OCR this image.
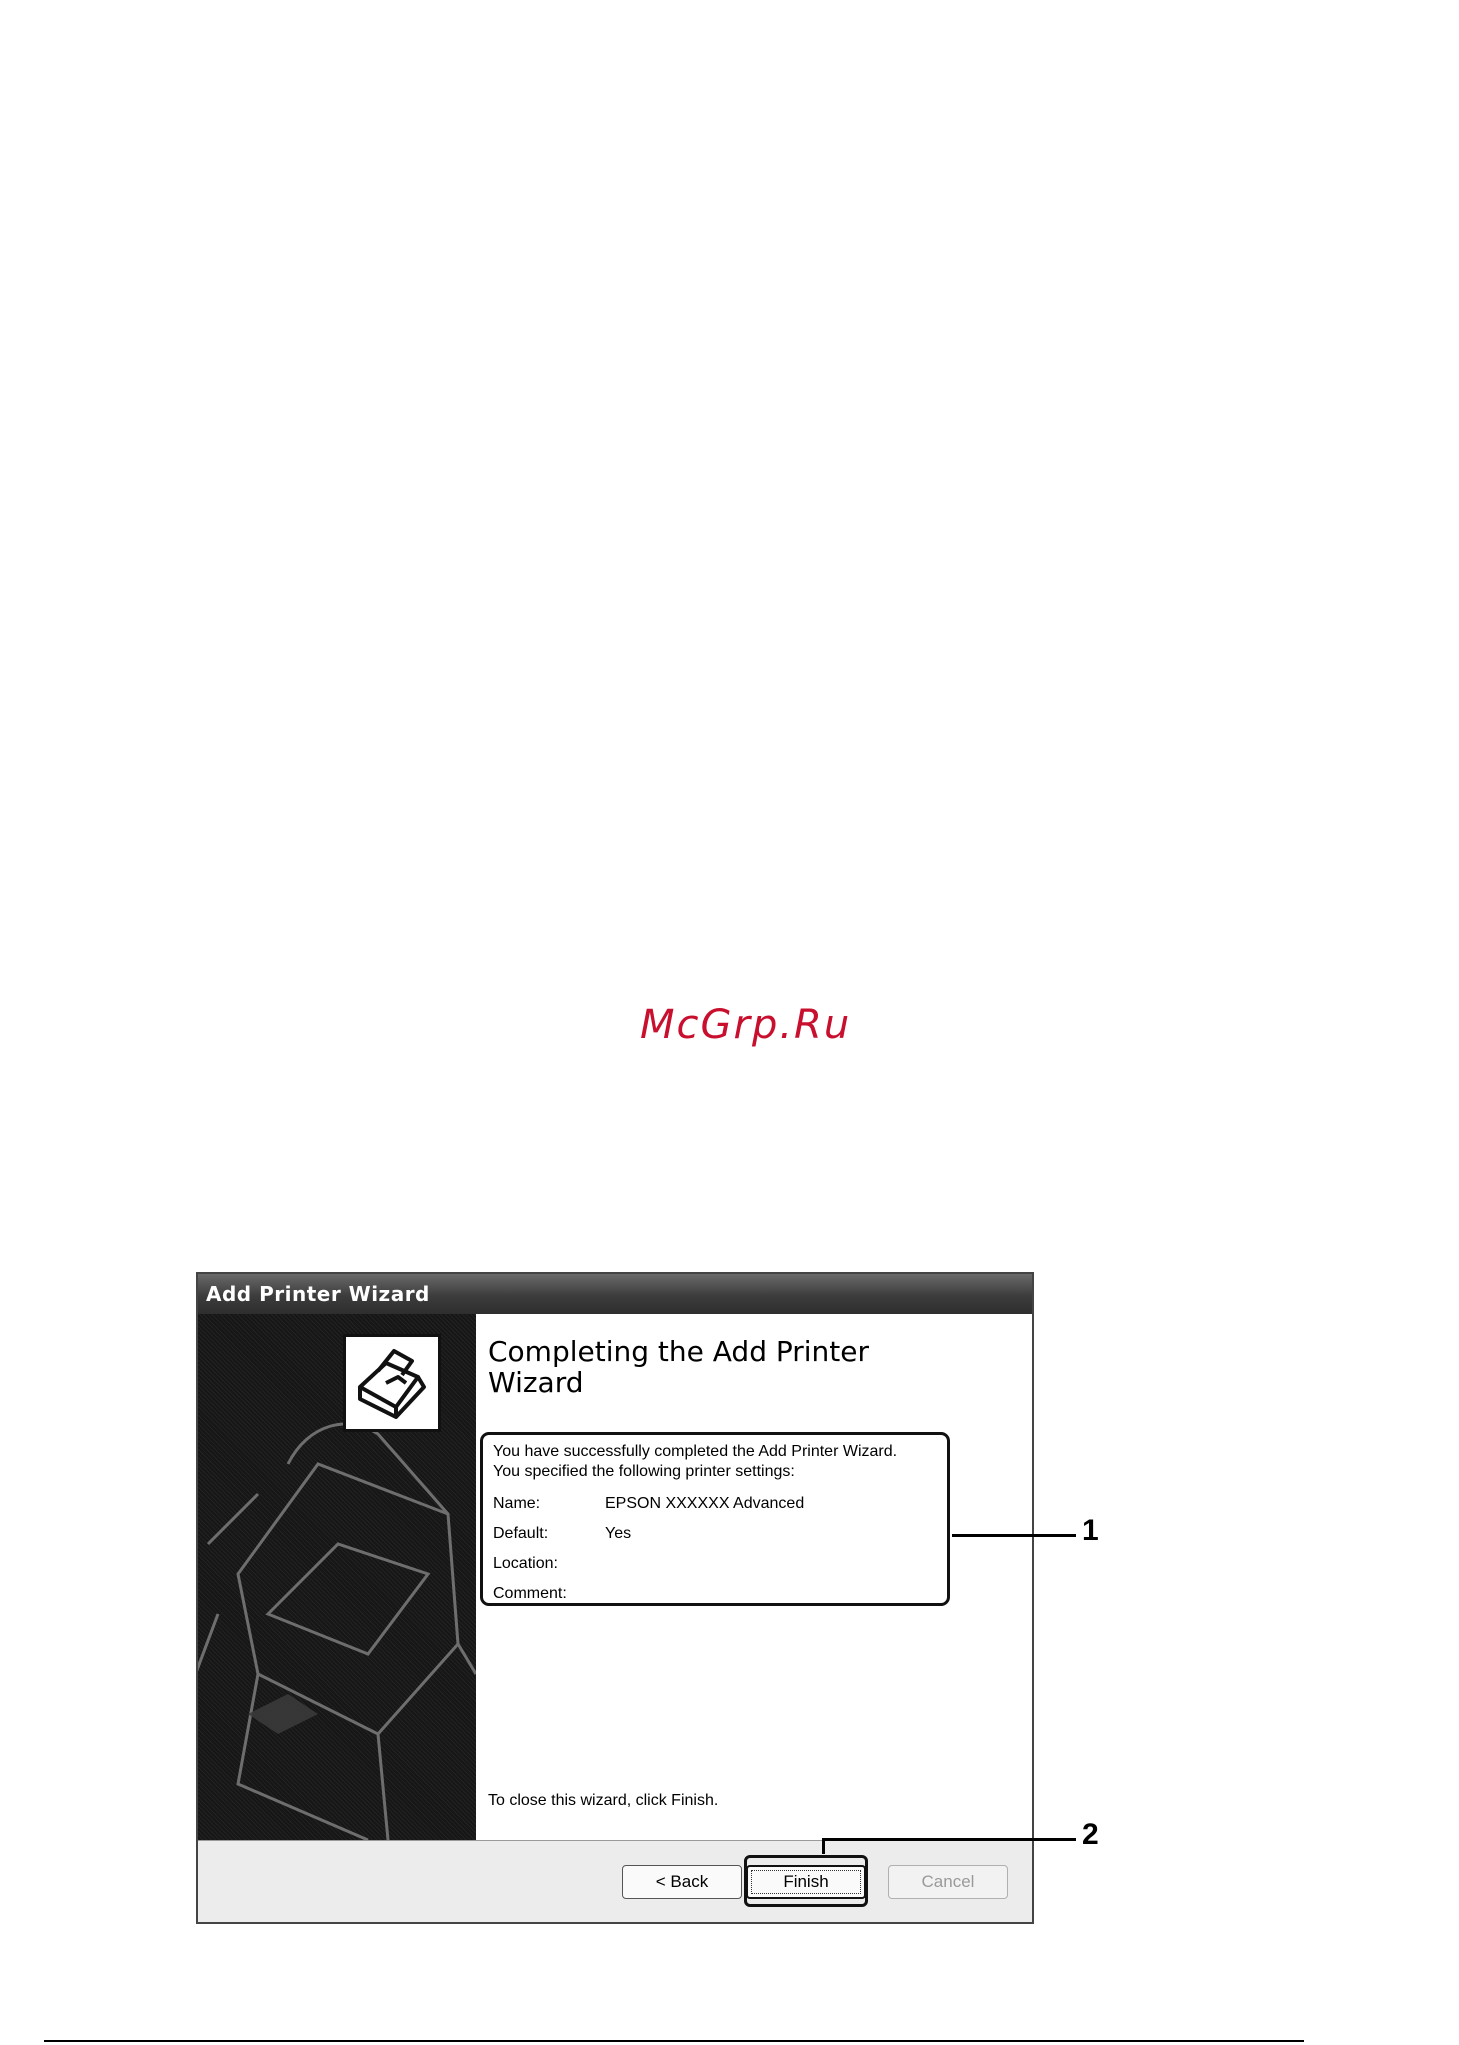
McGrp.Ru
Add Printer Wizard
Completing the Add Printer Wizard
You have successfully completed the Add Printer Wizard.
You specified the following printer settings:
Name:	EPSON XXXXXX Advanced
Default:	Yes
Location:
Comment:
To close this wizard, click Finish.
< Back	Finish	Cancel
1
2
